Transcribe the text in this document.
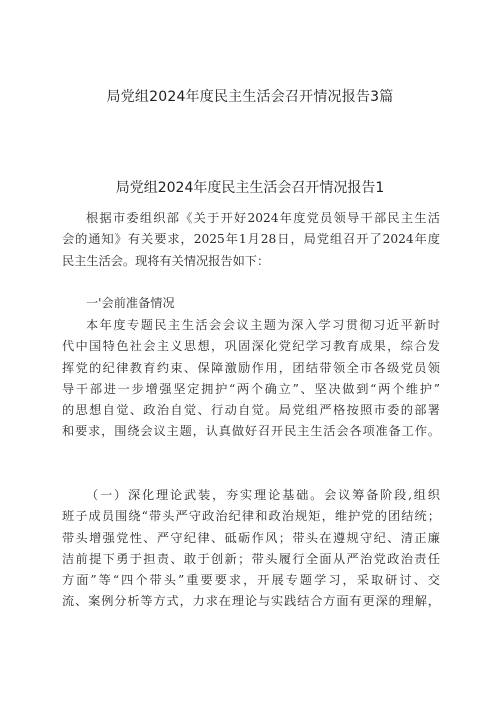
局党组2024年度民主生活会召开情况报告3篇
局党组2024年度民主生活会召开情况报告1
根据市委组织部《关于开好2024年度党员领导干部民主生活
会的通知》有关要求，2025年1月28日，局党组召开了2024年度
民主生活会。现将有关情况报告如下：
一'会前准备情况
本年度专题民主生活会会议主题为深入学习贯彻习近平新时
代中国特色社会主义思想，巩固深化党纪学习教育成果，综合发
挥党的纪律教育约束、保障激励作用，团结带领全市各级党员领
导干部进一步增强坚定拥护“两个确立”、坚决做到“两个维护”
的思想自觉、政治自觉、行动自觉。局党组严格按照市委的部署
和要求，围绕会议主题，认真做好召开民主生活会各项准备工作。
（一）深化理论武装，夯实理论基础。会议筹备阶段,组织
班子成员围绕“带头严守政治纪律和政治规矩，维护党的团结统；
带头增强党性、严守纪律、砥砺作风；带头在遵规守纪、清正廉
洁前提下勇于担责、敢于创新；带头履行全面从严治党政治责任
方面”等“四个带头”重要要求，开展专题学习，采取研讨、交
流、案例分析等方式，力求在理论与实践结合方面有更深的理解，
